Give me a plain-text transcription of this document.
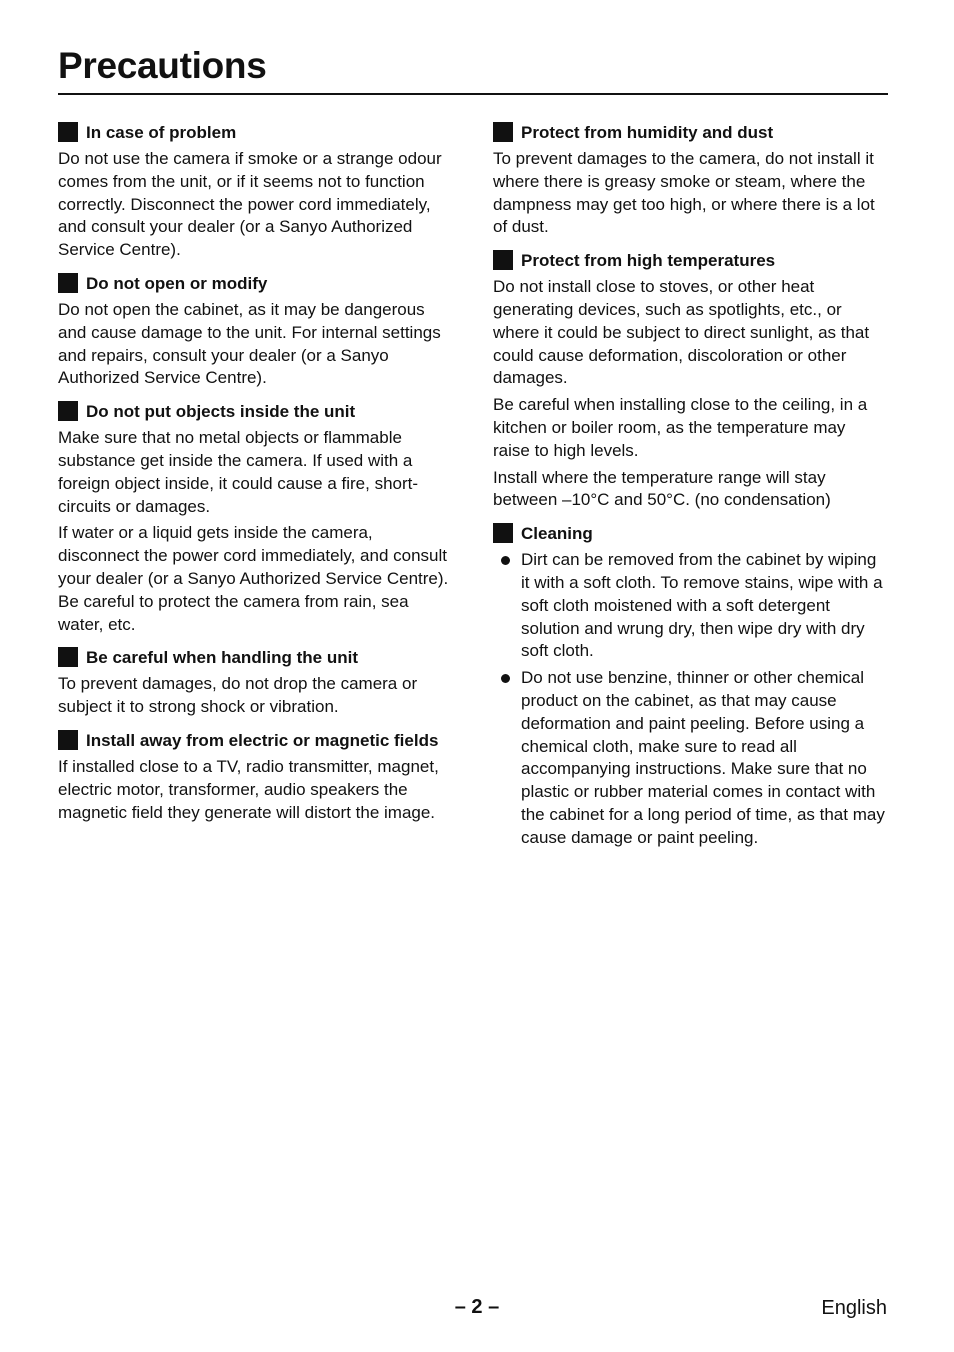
Precautions
In case of problem

Do not use the camera if smoke or a strange odour comes from the unit, or if it seems not to function correctly. Disconnect the power cord immediately, and consult your dealer (or a Sanyo Authorized Service Centre).

Do not open or modify

Do not open the cabinet, as it may be dangerous and cause damage to the unit. For internal settings and repairs, consult your dealer (or a Sanyo Authorized Service Centre).

Do not put objects inside the unit

Make sure that no metal objects or flammable substance get inside the camera. If used with a foreign object inside, it could cause a fire, short-circuits or damages.

If water or a liquid gets inside the camera, disconnect the power cord immediately, and consult your dealer (or a Sanyo Authorized Service Centre). Be careful to protect the camera from rain, sea water, etc.

Be careful when handling the unit

To prevent damages, do not drop the camera or subject it to strong shock or vibration.

Install away from electric or magnetic fields

If installed close to a TV, radio transmitter, magnet, electric motor, transformer, audio speakers the magnetic field they generate will distort the image.

Protect from humidity and dust

To prevent damages to the camera, do not install it where there is greasy smoke or steam, where the dampness may get too high, or where there is a lot of dust.

Protect from high temperatures

Do not install close to stoves, or other heat generating devices, such as spotlights, etc., or where it could be subject to direct sunlight, as that could cause deformation, discoloration or other damages.

Be careful when installing close to the ceiling, in a kitchen or boiler room, as the temperature may raise to high levels.

Install where the temperature range will stay between –10°C and 50°C. (no condensation)

Cleaning
Dirt can be removed from the cabinet by wiping it with a soft cloth. To remove stains, wipe with a soft cloth moistened with a soft detergent solution and wrung dry, then wipe dry with dry soft cloth.
Do not use benzine, thinner or other chemical product on the cabinet, as that may cause deformation and paint peeling. Before using a chemical cloth, make sure to read all accompanying instructions. Make sure that no plastic or rubber material comes in contact with the cabinet for a long period of time, as that may cause damage or paint peeling.
– 2 –	English
